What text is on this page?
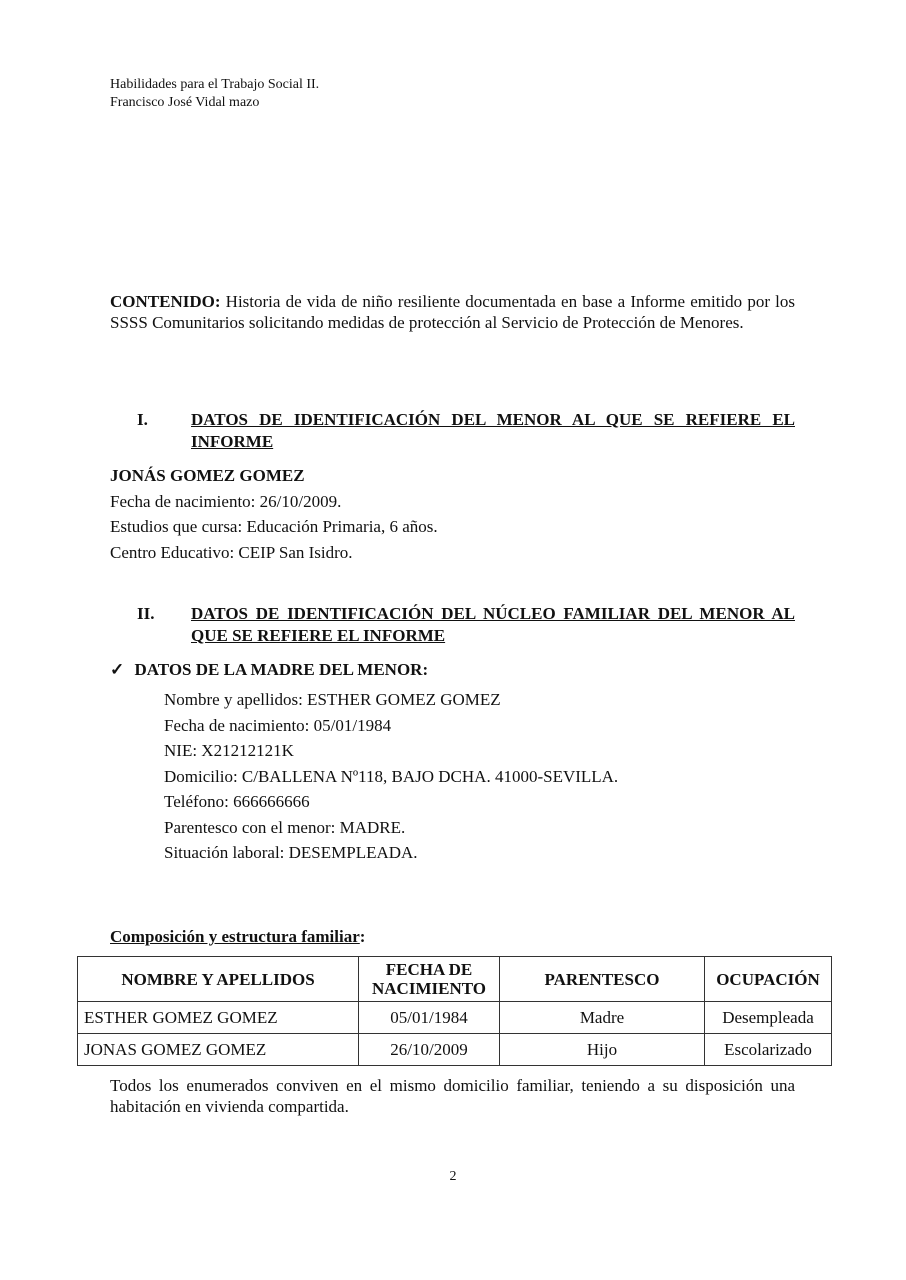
Habilidades para el Trabajo Social II.
Francisco José Vidal mazo
CONTENIDO: Historia de vida de niño resiliente documentada en base a Informe emitido por los SSSS Comunitarios solicitando medidas de protección al Servicio de Protección de Menores.
I.	DATOS DE IDENTIFICACIÓN DEL MENOR AL QUE SE REFIERE EL INFORME
JONÁS GOMEZ GOMEZ
Fecha de nacimiento: 26/10/2009.
Estudios que cursa: Educación Primaria, 6 años.
Centro Educativo: CEIP San Isidro.
II. DATOS DE IDENTIFICACIÓN DEL NÚCLEO FAMILIAR DEL MENOR AL QUE SE REFIERE EL INFORME
✓ DATOS DE LA MADRE DEL MENOR:
Nombre y apellidos: ESTHER GOMEZ GOMEZ
Fecha de nacimiento: 05/01/1984
NIE: X21212121K
Domicilio: C/BALLENA Nº118, BAJO DCHA. 41000-SEVILLA.
Teléfono: 666666666
Parentesco con el menor: MADRE.
Situación laboral: DESEMPLEADA.
Composición y estructura familiar:
NOMBRE Y APELLIDOS	FECHA DE NACIMIENTO	PARENTESCO	OCUPACIÓN
ESTHER GOMEZ GOMEZ	05/01/1984	Madre	Desempleada
JONAS GOMEZ GOMEZ	26/10/2009	Hijo	Escolarizado
Todos los enumerados conviven en el mismo domicilio familiar, teniendo a su disposición una habitación en vivienda compartida.
2
